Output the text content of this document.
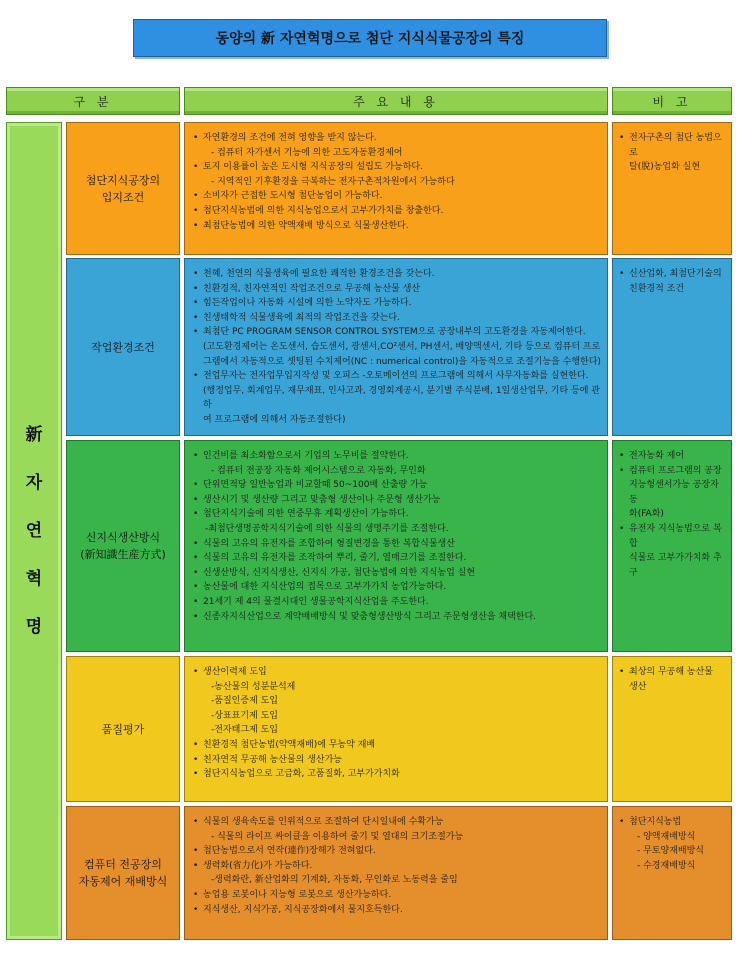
동양의 新 자연혁명으로 첨단 지식식물공장의 특징
구 분	주 요 내 용	비 고
新
자
연
혁
명
첨단지식공장의
입지조건
• 자연환경의 조건에 전혀 영향을 받지 않는다.
- 컴퓨터 자가센서 기능에 의한 고도자동환경제어
• 토지 이용률이 높은 도시형 지식공장의 설립도 가능하다.
- 지역적인 기후환경을 극복하는 전자구촌적차원에서 가능하다
• 소비자가 근접한 도시형 첨단농업이 가능하다.
• 첨단지식농법에 의한 지식농업으로서 고부가가치를 창출한다.
• 최첨단농법에 의한 약액재배 방식으로 식물생산한다.
• 전자구촌의 첨단 농법으로
탈(脫)농업화 실현
작업환경조건
• 천혜, 천연의 식물생육에 필요한 쾌적한 환경조건을 갖는다.
• 친환경적, 친자연적인 작업조건으로 무공해 농산물 생산
• 힘든작업이나 자동화 시설에 의한 노약자도 가능하다.
• 친생태학적 식물생육에 최적의 작업조건을 갖는다.
• 최첨단 PC PROGRAM SENSOR CONTROL SYSTEM으로 공장내부의 고도환경을 자동제어한다.
(고도환경제어는 온도센서, 습도센서, 광센서,CO²센서, PH센서, 배양액센서, 기타 등으로 컴퓨터 프로
그램에서 자동적으로 셋팅된 수치제어(NC : numerical control)을 자동적으로 조절기능을 수행한다)
• 전업무자는 전자업무입지작성 및 오피스 -오토메이션의 프로그램에 의해서 사무자동화를 실현한다.
(행정업무, 회계업무, 재무재표, 인사고과, 경영회계공시, 분기별 주식분배, 1일생산업무, 기타 등에 관하
여 프로그램에 의해서 자동조절한다)
• 신산업화, 최첨단기술의
친환경적 조건
신지식생산방식
(新知識生産方式)
• 인건비를 최소화함으로서 기업의 노무비를 절약한다.
- 컴퓨터 전공장 자동화 제어시스템으로 자동화, 무인화
• 단위면적당 일반농업과 비교할때 50~100배 산출량 가능
• 생산시기 및 생산량 그리고 맞춤형 생산이나 주문형 생산가능
• 첨단지식기술에 의한 연중무휴 계획생산이 가능하다.
-최첨단생명공학지식기술에 의한 식물의 생명주기를 조절한다.
• 식물의 고유의 유전자를 조합하여 형질변경을 통한 복합식물생산
• 식물의 고유의 유전자를 조작하여 뿌리, 줄기, 열매크기를 조절한다.
• 신생산방식, 신지식생산, 신지식 가공, 첨단농법에 의한 지식농업 실현
• 농산물에 대한 지식산업의 접목으로 고부가가치 농업가능하다.
• 21세기 제 4의 물결시대인 생물공학지식산업을 주도한다.
• 신종자지식산업으로 계약배배방식 및 맞춤형생산방식 그리고 주문형생산을 채택한다.
• 전자농화 제어
• 컴퓨터 프로그램의 공장
지능형센서가능 공장자동
화(FA화)
• 유전자 지식농법으로 복합
식물로 고부가가치화 추구
품질평가
• 생산이력제 도입
-농산물의 성분분석제
-품질인증제 도입
-상표표기제 도입
-전자태그제 도입
• 친환경적 첨단농법(약액재배)에 무농약 재배
• 친자연적 무공해 농산물의 생산가능
• 첨단지식농업으로 고급화, 고품질화, 고부가가치화
• 최상의 무공해 농산물
생산
컴퓨터 전공장의
자동제어 재배방식
• 식물의 생육속도를 인위적으로 조절하여 단시일내에 수확가능
- 식물의 라이프 싸이클을 이용하여 줄기 및 열대의 크기조절가능
• 첨단농법으로서 연작(連作)장해가 전혀없다.
• 생력화(省力化)가 가능하다.
-생력화란, 新산업화의 기계화, 자동화, 무인화로 노동력을 줄임
• 농업용 로봇이나 지능형 로봇으로 생산가능하다.
• 지식생산, 지식가공, 지식공장화에서 물지호득한다.
• 첨단지식농법
- 양액재배방식
- 무토양재배방식
- 수경재배방식
